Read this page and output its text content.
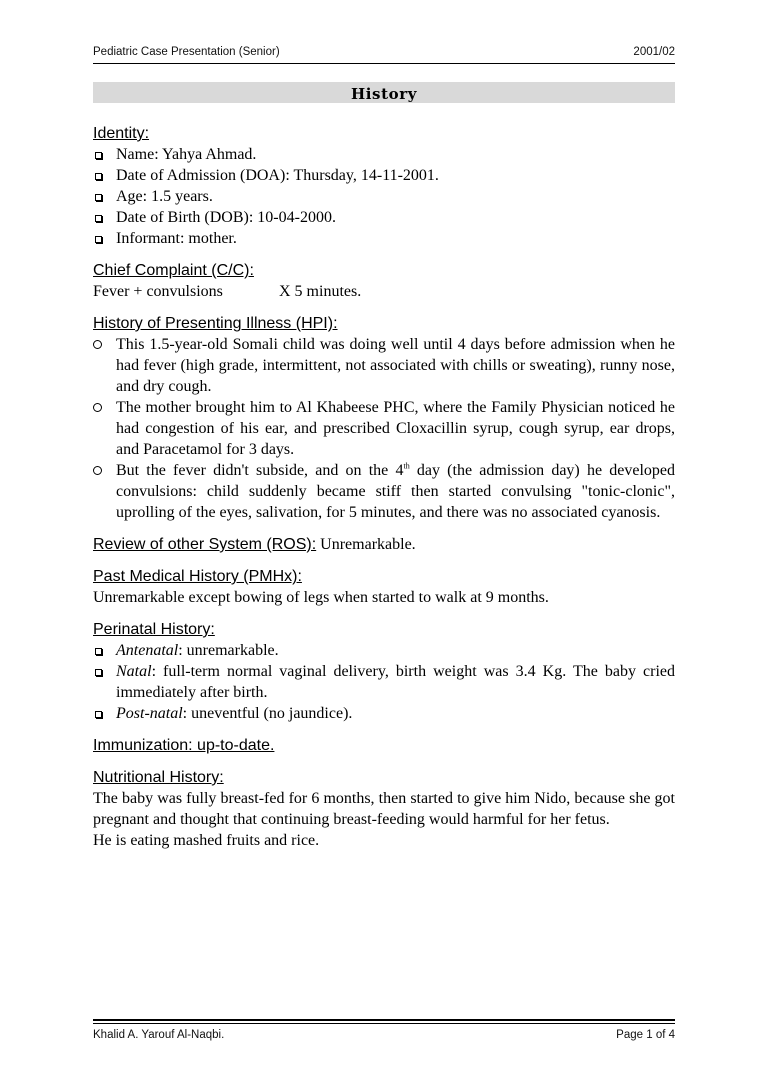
Pediatric Case Presentation (Senior)	2001/02
History
Identity:
Name: Yahya Ahmad.
Date of Admission (DOA): Thursday, 14-11-2001.
Age: 1.5 years.
Date of Birth (DOB): 10-04-2000.
Informant: mother.
Chief Complaint (C/C):
Fever + convulsions	X 5 minutes.
History of Presenting Illness (HPI):
This 1.5-year-old Somali child was doing well until 4 days before admission when he had fever (high grade, intermittent, not associated with chills or sweating), runny nose, and dry cough.
The mother brought him to Al Khabeese PHC, where the Family Physician noticed he had congestion of his ear, and prescribed Cloxacillin syrup, cough syrup, ear drops, and Paracetamol for 3 days.
But the fever didn't subside, and on the 4th day (the admission day) he developed convulsions: child suddenly became stiff then started convulsing "tonic-clonic", uprolling of the eyes, salivation, for 5 minutes, and there was no associated cyanosis.
Review of other System (ROS): Unremarkable.
Past Medical History (PMHx):
Unremarkable except bowing of legs when started to walk at 9 months.
Perinatal History:
Antenatal: unremarkable.
Natal: full-term normal vaginal delivery, birth weight was 3.4 Kg. The baby cried immediately after birth.
Post-natal: uneventful (no jaundice).
Immunization: up-to-date.
Nutritional History:
The baby was fully breast-fed for 6 months, then started to give him Nido, because she got pregnant and thought that continuing breast-feeding would harmful for her fetus.
He is eating mashed fruits and rice.
Khalid A. Yarouf Al-Naqbi.	Page 1 of 4
